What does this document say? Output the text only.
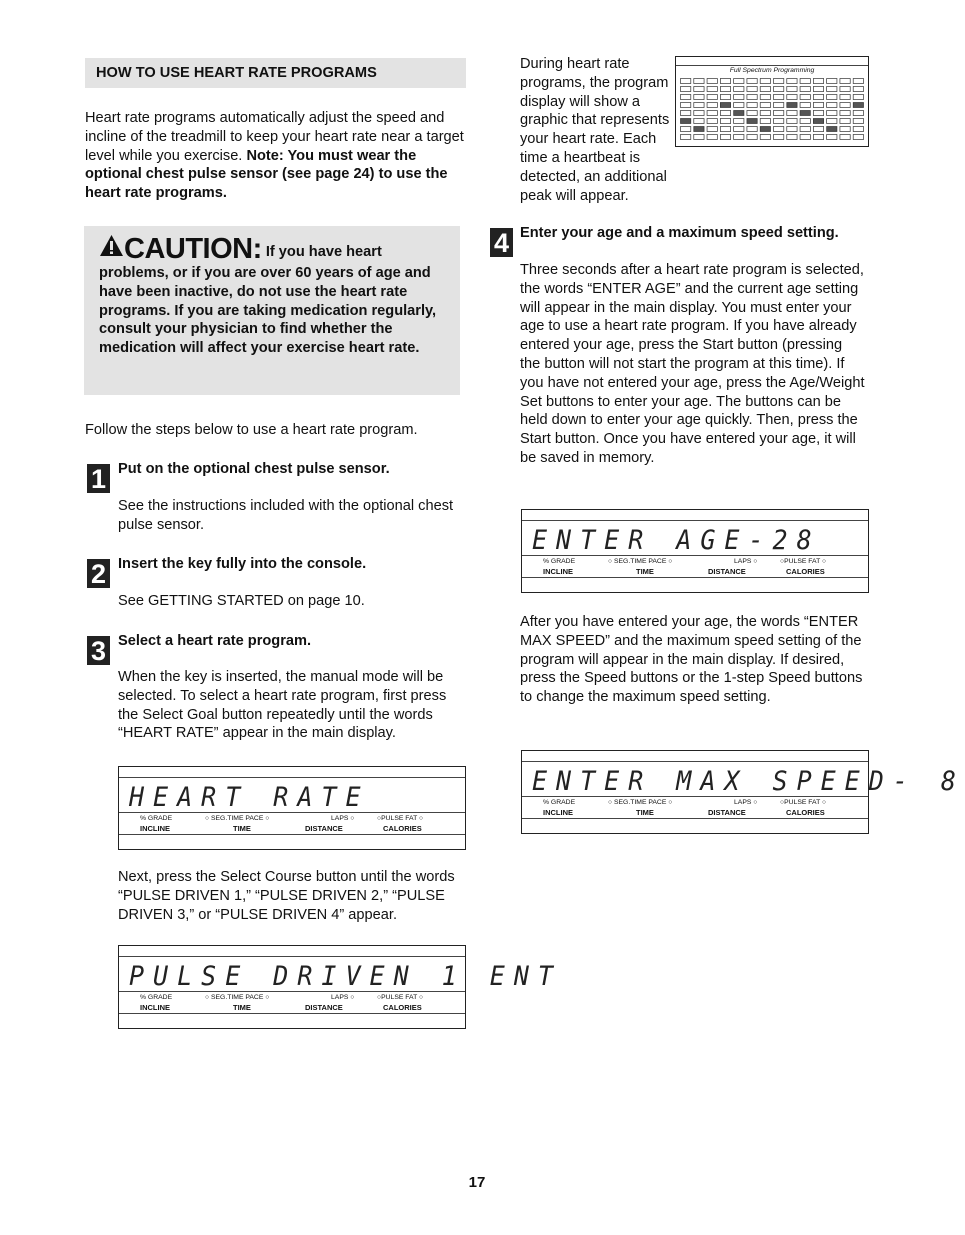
HOW TO USE HEART RATE PROGRAMS

Heart rate programs automatically adjust the speed and incline of the treadmill to keep your heart rate near a target level while you exercise. Note: You must wear the optional chest pulse sensor (see page 24) to use the heart rate programs.

CAUTION: If you have heart problems, or if you are over 60 years of age and have been inactive, do not use the heart rate programs. If you are taking medication regularly, consult your physician to find whether the medication will affect your exercise heart rate.

Follow the steps below to use a heart rate program.

1 Put on the optional chest pulse sensor.

See the instructions included with the optional chest pulse sensor.

2 Insert the key fully into the console.

See GETTING STARTED on page 10.

3 Select a heart rate program.

When the key is inserted, the manual mode will be selected. To select a heart rate program, first press the Select Goal button repeatedly until the words “HEART RATE” appear in the main display.

HEART RATE
% GRADE	○ SEG.TIME PACE ○	LAPS ○	○PULSE FAT ○
INCLINE	TIME	DISTANCE	CALORIES

Next, press the Select Course button until the words “PULSE DRIVEN 1,” “PULSE DRIVEN 2,” “PULSE DRIVEN 3,” or “PULSE DRIVEN 4” appear.

PULSE DRIVEN 1 ENT
% GRADE	○ SEG.TIME PACE ○	LAPS ○	○PULSE FAT ○
INCLINE	TIME	DISTANCE	CALORIES

During heart rate programs, the program display will show a graphic that represents your heart rate. Each time a heartbeat is detected, an additional peak will appear.

Full Spectrum Programming
4 Enter your age and a maximum speed setting.

Three seconds after a heart rate program is selected, the words “ENTER AGE” and the current age setting will appear in the main display. You must enter your age to use a heart rate program. If you have already entered your age, press the Start button (pressing the button will not start the program at this time). If you have not entered your age, press the Age/Weight Set buttons to enter your age. The buttons can be held down to enter your age quickly. Then, press the Start button. Once you have entered your age, it will be saved in memory.

ENTER AGE-28
% GRADE	○ SEG.TIME PACE ○	LAPS ○	○PULSE FAT ○
INCLINE	TIME	DISTANCE	CALORIES

After you have entered your age, the words “ENTER MAX SPEED” and the maximum speed setting of the program will appear in the main display. If desired, press the Speed buttons or the 1-step Speed buttons to change the maximum speed setting.

ENTER MAX SPEED- 8
% GRADE	○ SEG.TIME PACE ○	LAPS ○	○PULSE FAT ○
INCLINE	TIME	DISTANCE	CALORIES
17
